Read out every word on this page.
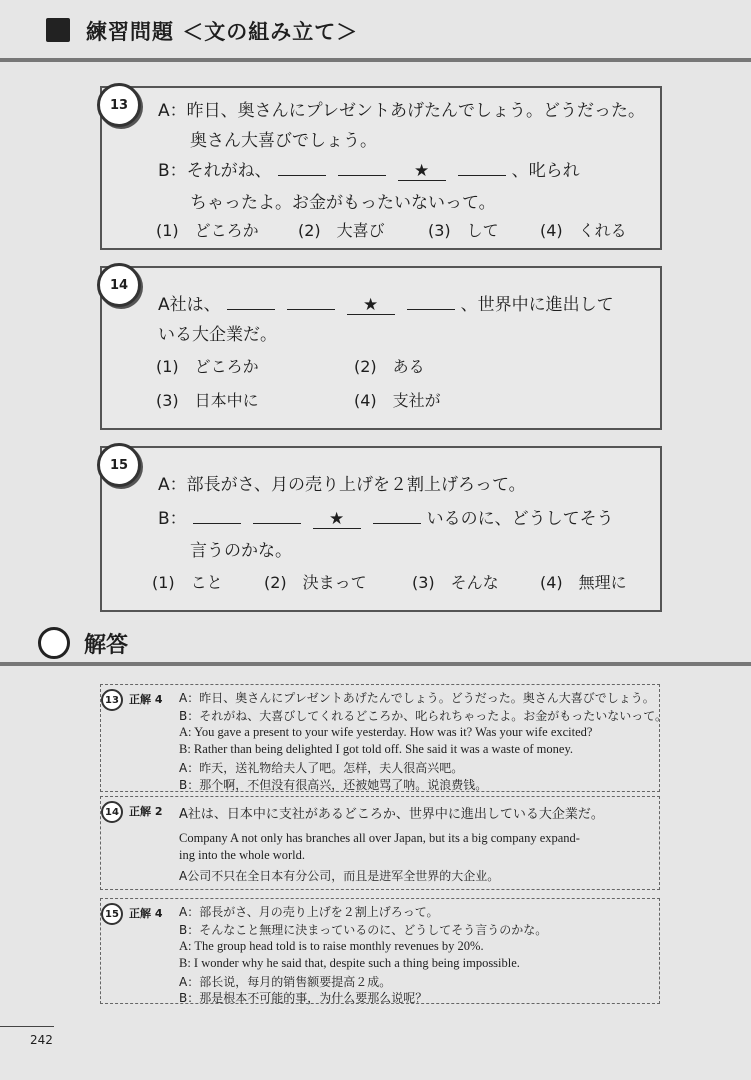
練習問題 ＜文の組み立て＞
13	A：昨日、奥さんにプレゼントあげたんでしょう。どうだった。
奥さん大喜びでしょう。
B：それがね、	★	、叱られ
ちゃったよ。お金がもったいないって。
(1)　どころか (2)　大喜び	(3)　して	(4)　くれる
14
A社は、	★	、世界中に進出して
いる大企業だ。
(1)　どころか	(2)　ある
(3)　日本中に	(4)　支社が
15
A：部長がさ、月の売り上げを２割上げろって。
B：	★	いるのに、どうしてそう
言うのかな。
(1)　こと	(2)　決まって	(3)　そんな	(4)　無理に
解答
13 正解 4 A：昨日、奥さんにプレゼントあげたんでしょう。どうだった。奥さん大喜びでしょう。
B：それがね、大喜びしてくれるどころか、叱られちゃったよ。お金がもったいないって。
A: You gave a present to your wife yesterday. How was it? Was your wife excited?
B: Rather than being delighted I got told off. She said it was a waste of money.
A：昨天，送礼物给夫人了吧。怎样，夫人很高兴吧。
B：那个啊，不但没有很高兴，还被她骂了呐。说浪费钱。
14 正解 2 A社は、日本中に支社があるどころか、世界中に進出している大企業だ。
Company A not only has branches all over Japan, but its a big company expand-
ing into the whole world.
A公司不只在全日本有分公司，而且是进军全世界的大企业。
15 正解 4 A：部長がさ、月の売り上げを２割上げろって。
B：そんなこと無理に決まっているのに、どうしてそう言うのかな。
A: The group head told is to raise monthly revenues by 20%.
B: I wonder why he said that, despite such a thing being impossible.
A：部长说，每月的销售额要提高２成。
B：那是根本不可能的事，为什么要那么说呢？
242
